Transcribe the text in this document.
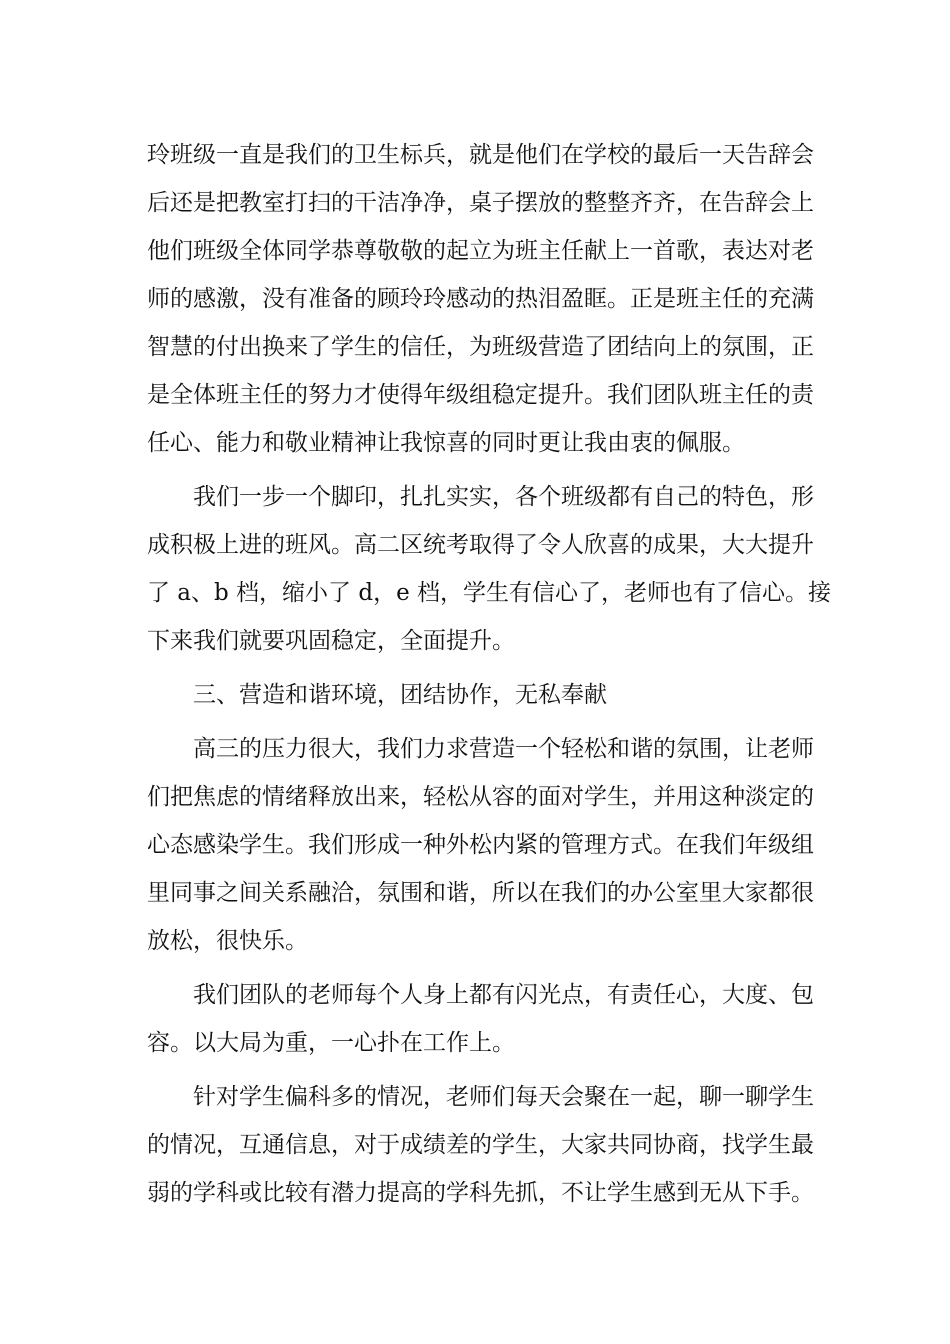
玲班级一直是我们的卫生标兵，就是他们在学校的最后一天告辞会
后还是把教室打扫的干洁净净，桌子摆放的整整齐齐，在告辞会上
他们班级全体同学恭尊敬敬的起立为班主任献上一首歌，表达对老
师的感激，没有准备的顾玲玲感动的热泪盈眶。正是班主任的充满
智慧的付出换来了学生的信任，为班级营造了团结向上的氛围，正
是全体班主任的努力才使得年级组稳定提升。我们团队班主任的责
任心、能力和敬业精神让我惊喜的同时更让我由衷的佩服。
我们一步一个脚印，扎扎实实，各个班级都有自己的特色，形
成积极上进的班风。高二区统考取得了令人欣喜的成果，大大提升
了 a、b 档，缩小了 d，e 档，学生有信心了，老师也有了信心。接
下来我们就要巩固稳定，全面提升。
三、营造和谐环境，团结协作，无私奉献
高三的压力很大，我们力求营造一个轻松和谐的氛围，让老师
们把焦虑的情绪释放出来，轻松从容的面对学生，并用这种淡定的
心态感染学生。我们形成一种外松内紧的管理方式。在我们年级组
里同事之间关系融洽，氛围和谐，所以在我们的办公室里大家都很
放松，很快乐。
我们团队的老师每个人身上都有闪光点，有责任心，大度、包
容。以大局为重，一心扑在工作上。
针对学生偏科多的情况，老师们每天会聚在一起，聊一聊学生
的情况，互通信息，对于成绩差的学生，大家共同协商，找学生最
弱的学科或比较有潜力提高的学科先抓，不让学生感到无从下手。
